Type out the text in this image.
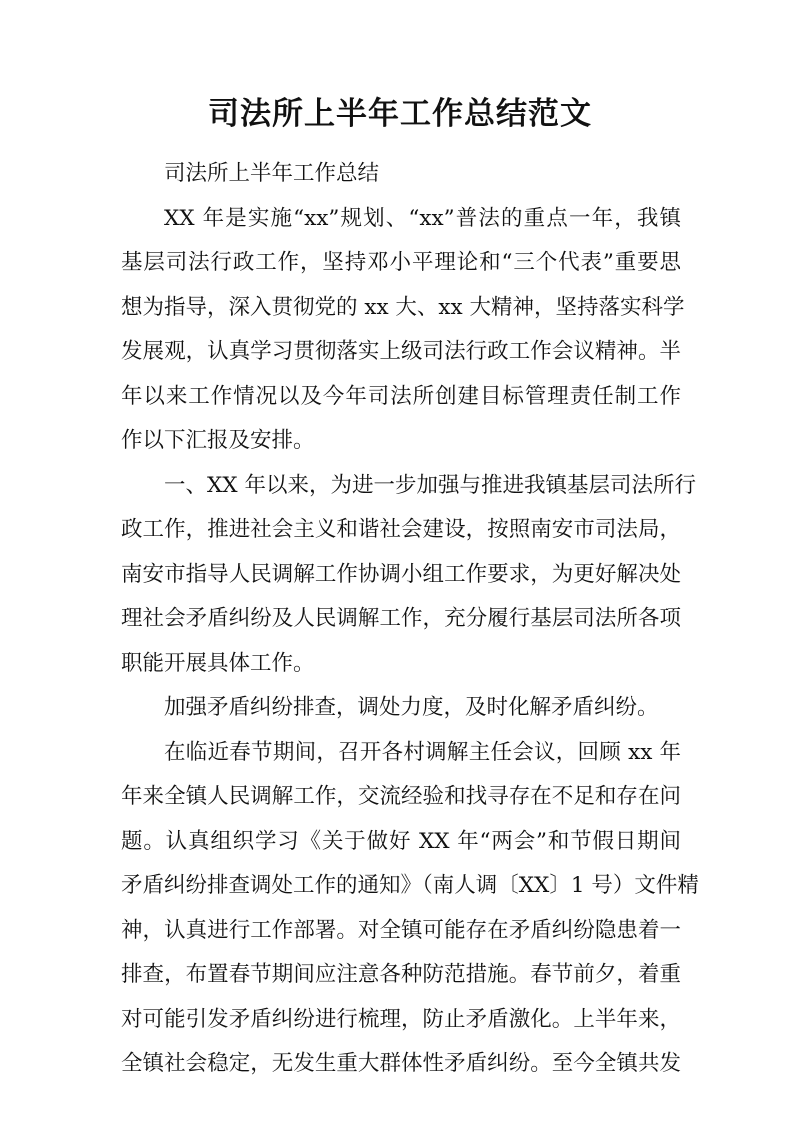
司法所上半年工作总结范文
司法所上半年工作总结
XX 年是实施“xx”规划、“xx”普法的重点一年，我镇
基层司法行政工作，坚持邓小平理论和“三个代表”重要思
想为指导，深入贯彻党的 xx 大、xx 大精神，坚持落实科学
发展观，认真学习贯彻落实上级司法行政工作会议精神。半
年以来工作情况以及今年司法所创建目标管理责任制工作
作以下汇报及安排。
一、XX 年以来，为进一步加强与推进我镇基层司法所行
政工作，推进社会主义和谐社会建设，按照南安市司法局，
南安市指导人民调解工作协调小组工作要求，为更好解决处
理社会矛盾纠纷及人民调解工作，充分履行基层司法所各项
职能开展具体工作。
加强矛盾纠纷排查，调处力度，及时化解矛盾纠纷。
在临近春节期间，召开各村调解主任会议，回顾 xx 年
年来全镇人民调解工作，交流经验和找寻存在不足和存在问
题。认真组织学习《关于做好 XX 年“两会”和节假日期间
矛盾纠纷排查调处工作的通知》（南人调〔XX〕1 号）文件精
神，认真进行工作部署。对全镇可能存在矛盾纠纷隐患着一
排查，布置春节期间应注意各种防范措施。春节前夕，着重
对可能引发矛盾纠纷进行梳理，防止矛盾激化。上半年来，
全镇社会稳定，无发生重大群体性矛盾纠纷。至今全镇共发
